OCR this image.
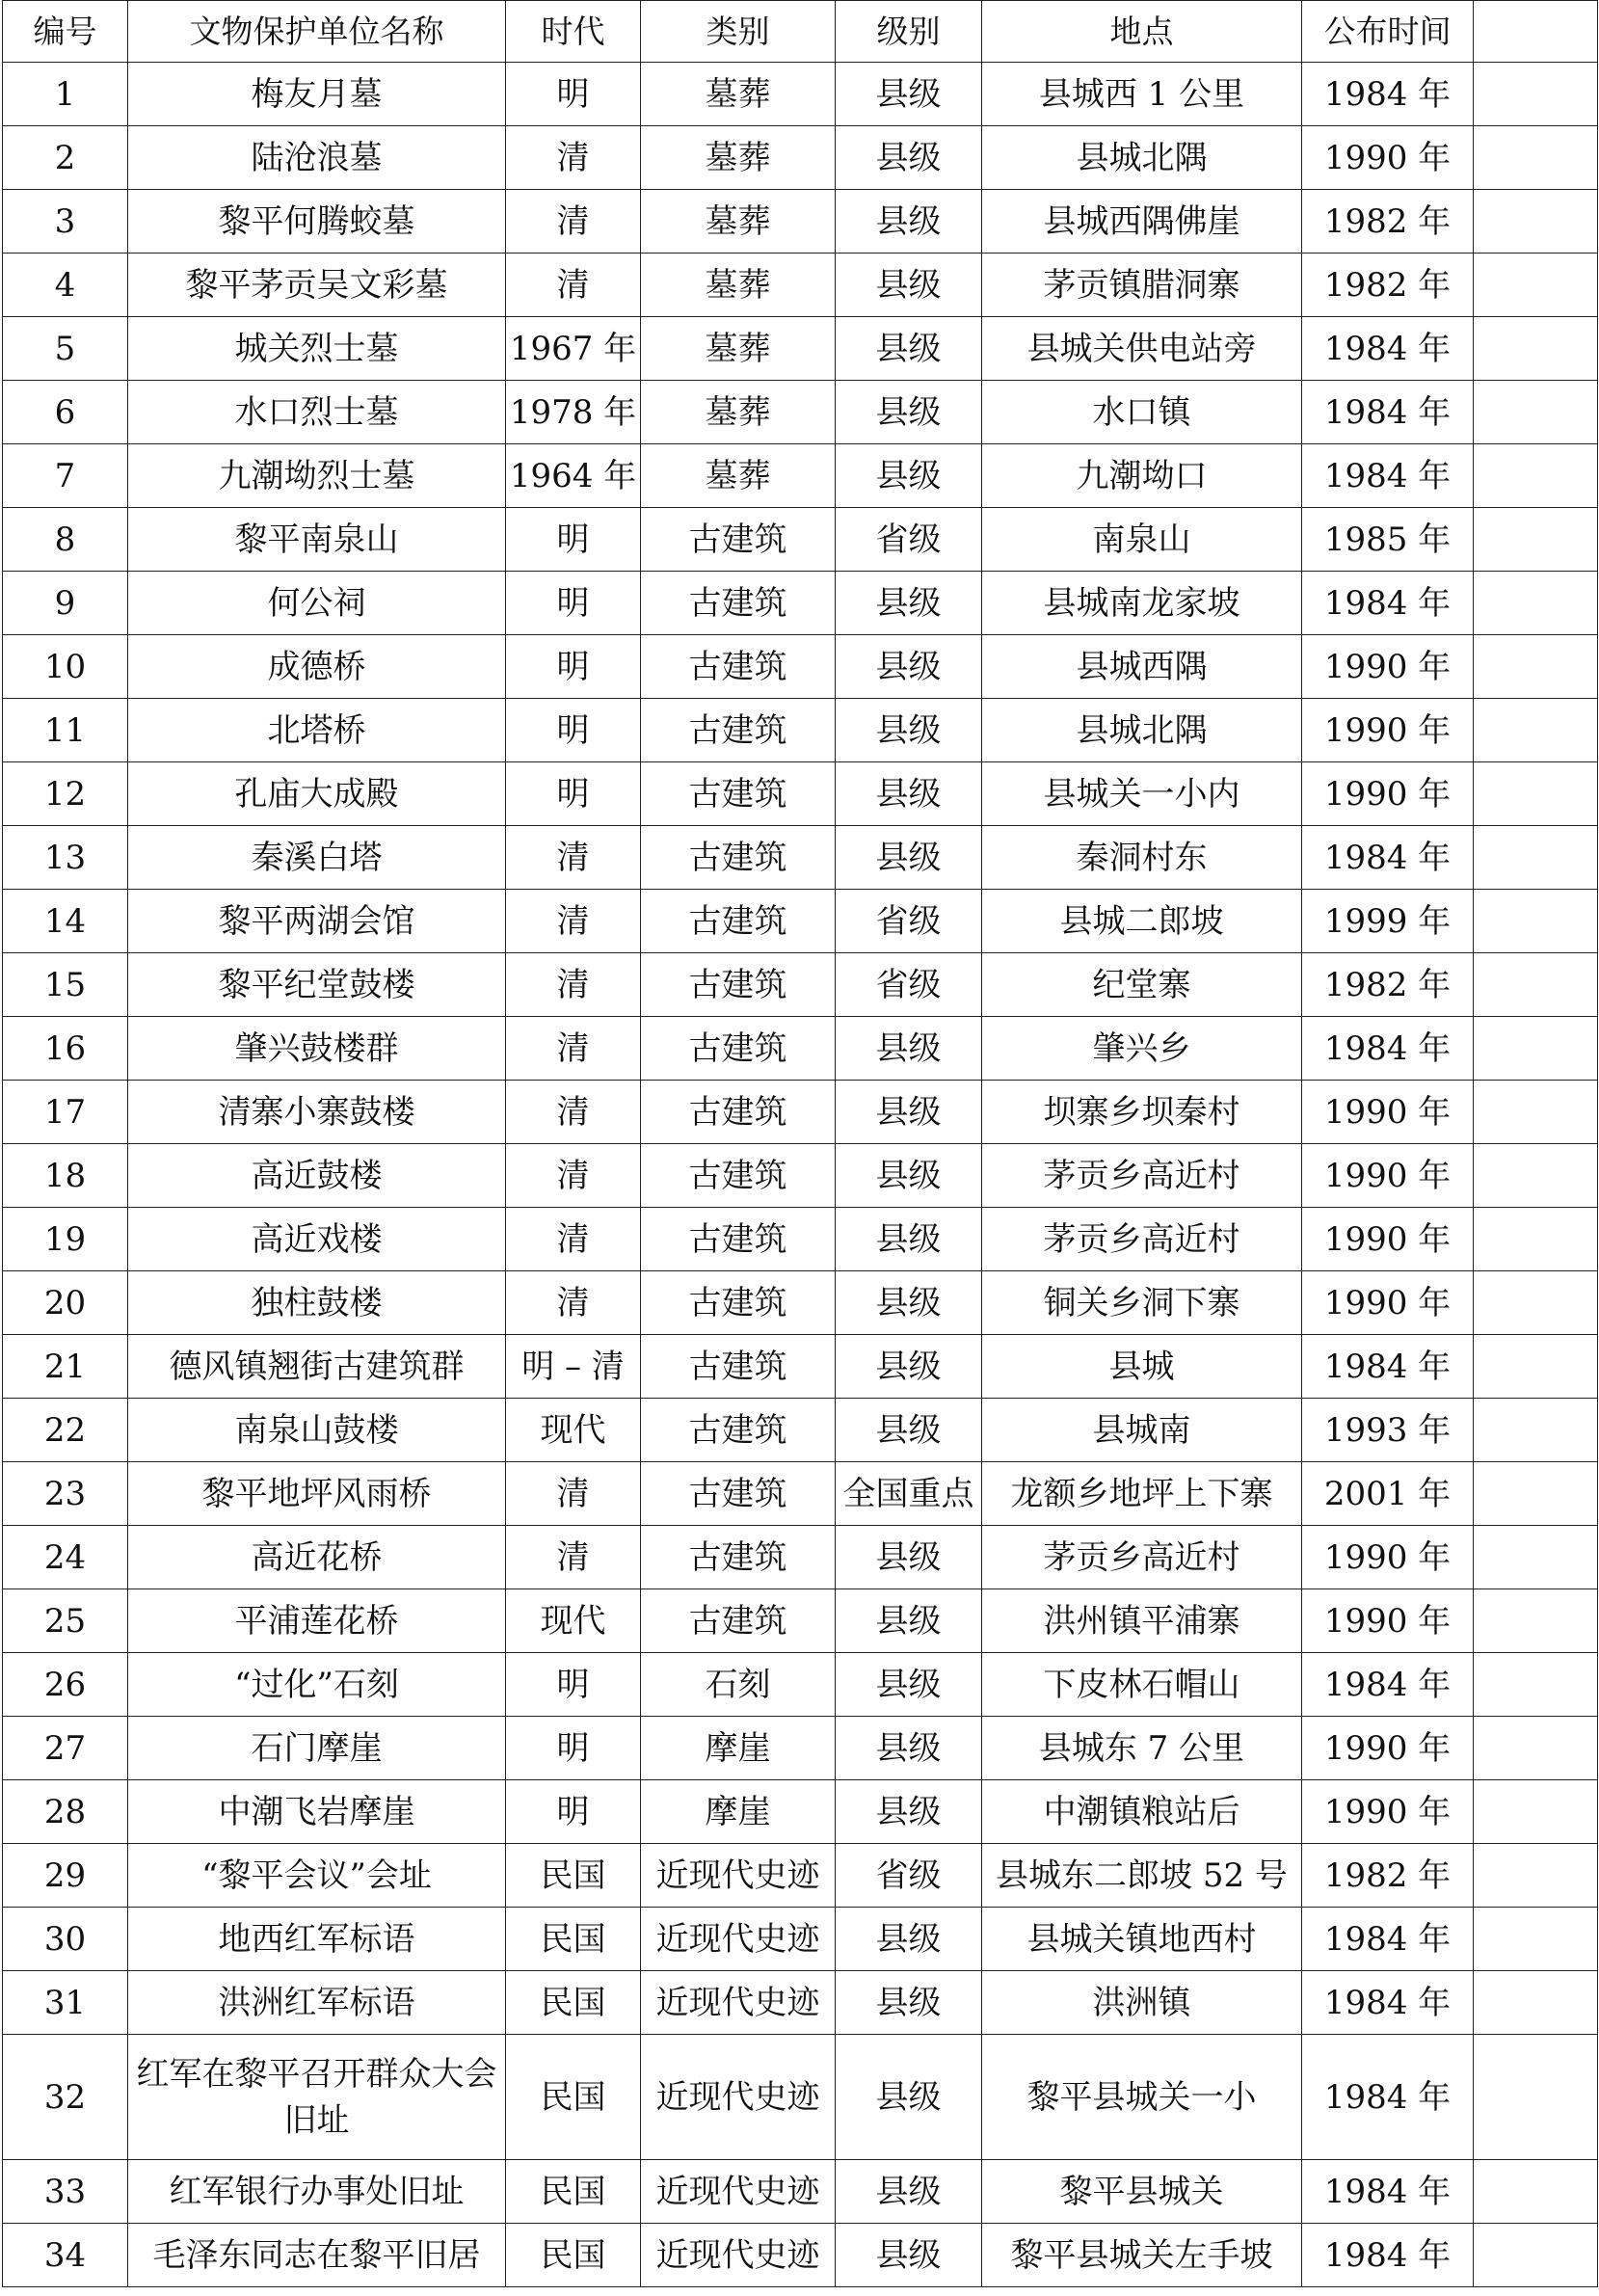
编号	文物保护单位名称	时代	类别	级别	地点	公布时间	
1	梅友月墓	明	墓葬	县级	县城西 1 公里	1984 年	
2	陆沧浪墓	清	墓葬	县级	县城北隅	1990 年	
3	黎平何腾蛟墓	清	墓葬	县级	县城西隅佛崖	1982 年	
4	黎平茅贡吴文彩墓	清	墓葬	县级	茅贡镇腊洞寨	1982 年	
5	城关烈士墓	1967 年	墓葬	县级	县城关供电站旁	1984 年	
6	水口烈士墓	1978 年	墓葬	县级	水口镇	1984 年	
7	九潮坳烈士墓	1964 年	墓葬	县级	九潮坳口	1984 年	
8	黎平南泉山	明	古建筑	省级	南泉山	1985 年	
9	何公祠	明	古建筑	县级	县城南龙家坡	1984 年	
10	成德桥	明	古建筑	县级	县城西隅	1990 年	
11	北塔桥	明	古建筑	县级	县城北隅	1990 年	
12	孔庙大成殿	明	古建筑	县级	县城关一小内	1990 年	
13	秦溪白塔	清	古建筑	县级	秦洞村东	1984 年	
14	黎平两湖会馆	清	古建筑	省级	县城二郎坡	1999 年	
15	黎平纪堂鼓楼	清	古建筑	省级	纪堂寨	1982 年	
16	肇兴鼓楼群	清	古建筑	县级	肇兴乡	1984 年	
17	清寨小寨鼓楼	清	古建筑	县级	坝寨乡坝秦村	1990 年	
18	高近鼓楼	清	古建筑	县级	茅贡乡高近村	1990 年	
19	高近戏楼	清	古建筑	县级	茅贡乡高近村	1990 年	
20	独柱鼓楼	清	古建筑	县级	铜关乡洞下寨	1990 年	
21	德风镇翘街古建筑群	明 – 清	古建筑	县级	县城	1984 年	
22	南泉山鼓楼	现代	古建筑	县级	县城南	1993 年	
23	黎平地坪风雨桥	清	古建筑	全国重点	龙额乡地坪上下寨	2001 年	
24	高近花桥	清	古建筑	县级	茅贡乡高近村	1990 年	
25	平浦莲花桥	现代	古建筑	县级	洪州镇平浦寨	1990 年	
26	“过化”石刻	明	石刻	县级	下皮林石帽山	1984 年	
27	石门摩崖	明	摩崖	县级	县城东 7 公里	1990 年	
28	中潮飞岩摩崖	明	摩崖	县级	中潮镇粮站后	1990 年	
29	“黎平会议”会址	民国	近现代史迹	省级	县城东二郎坡 52 号	1982 年	
30	地西红军标语	民国	近现代史迹	县级	县城关镇地西村	1984 年	
31	洪洲红军标语	民国	近现代史迹	县级	洪洲镇	1984 年	
32	红军在黎平召开群众大会旧址	民国	近现代史迹	县级	黎平县城关一小	1984 年	
33	红军银行办事处旧址	民国	近现代史迹	县级	黎平县城关	1984 年	
34	毛泽东同志在黎平旧居	民国	近现代史迹	县级	黎平县城关左手坡	1984 年	
